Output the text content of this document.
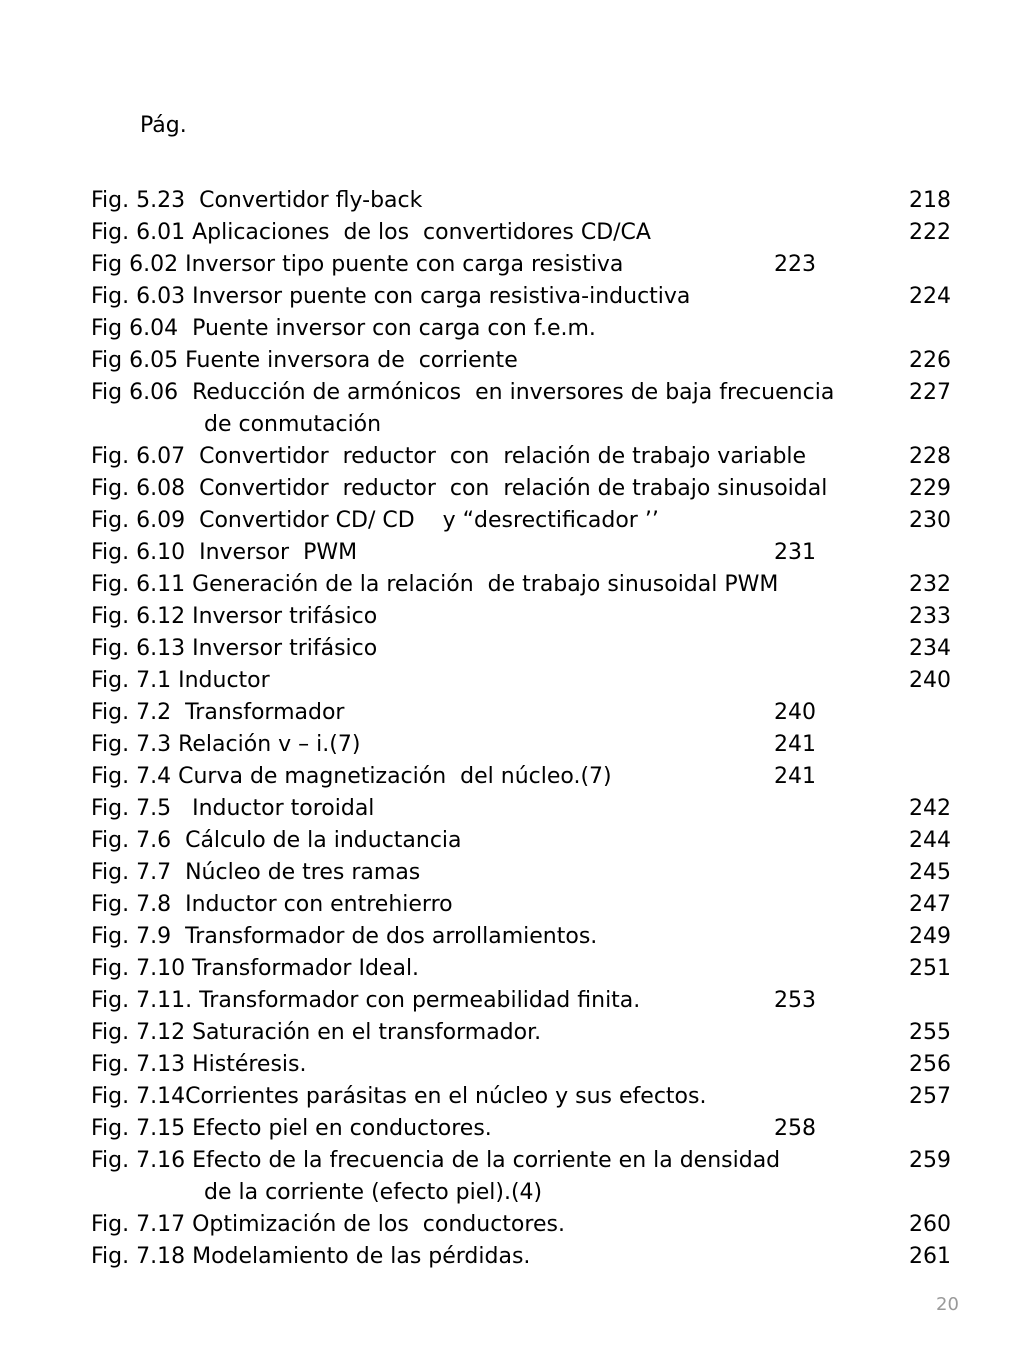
Pág.
Fig. 5.23  Convertidor fly-back	218
Fig. 6.01 Aplicaciones  de los  convertidores CD/CA	222
Fig 6.02 Inversor tipo puente con carga resistiva	223
Fig. 6.03 Inversor puente con carga resistiva-inductiva	224
Fig 6.04  Puente inversor con carga con f.e.m.
Fig 6.05 Fuente inversora de  corriente	226
Fig 6.06  Reducción de armónicos  en inversores de baja frecuencia	227
de conmutación
Fig. 6.07  Convertidor  reductor  con  relación de trabajo variable	228
Fig. 6.08  Convertidor  reductor  con  relación de trabajo sinusoidal	229
Fig. 6.09  Convertidor CD/ CD    y “desrectificador ’’	230
Fig. 6.10  Inversor  PWM	231
Fig. 6.11 Generación de la relación  de trabajo sinusoidal PWM	232
Fig. 6.12 Inversor trifásico	233
Fig. 6.13 Inversor trifásico	234
Fig. 7.1 Inductor	240
Fig. 7.2  Transformador	240
Fig. 7.3 Relación v – i.(7)	241
Fig. 7.4 Curva de magnetización  del núcleo.(7)	241
Fig. 7.5   Inductor toroidal	242
Fig. 7.6  Cálculo de la inductancia	244
Fig. 7.7  Núcleo de tres ramas	245
Fig. 7.8  Inductor con entrehierro	247
Fig. 7.9  Transformador de dos arrollamientos.	249
Fig. 7.10 Transformador Ideal.	251
Fig. 7.11. Transformador con permeabilidad finita.	253
Fig. 7.12 Saturación en el transformador.	255
Fig. 7.13 Histéresis.	256
Fig. 7.14Corrientes parásitas en el núcleo y sus efectos.	257
Fig. 7.15 Efecto piel en conductores.	258
Fig. 7.16 Efecto de la frecuencia de la corriente en la densidad	259
de la corriente (efecto piel).(4)
Fig. 7.17 Optimización de los  conductores.	260
Fig. 7.18 Modelamiento de las pérdidas.	261
20
